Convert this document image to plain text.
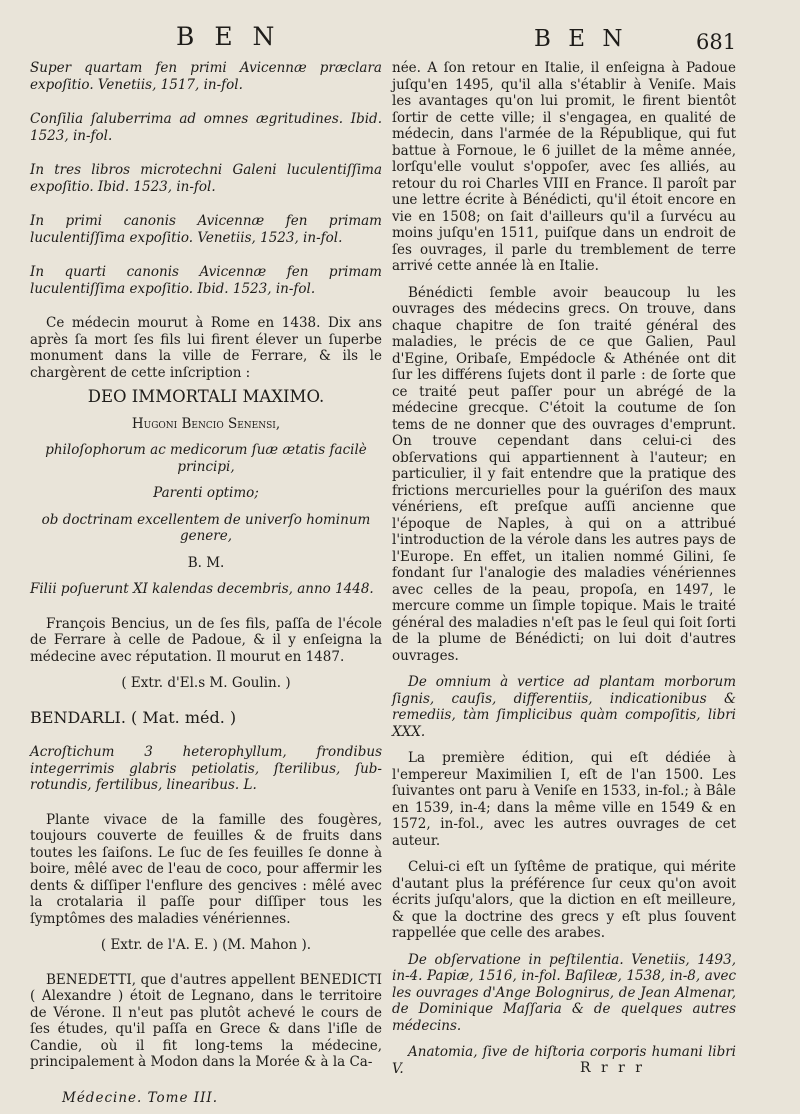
B E N	B E N	681

Super quartam fen primi Avicennæ præclara expoſitio. Venetiis, 1517, in-fol.

Conſilia ſaluberrima ad omnes ægritudines. Ibid. 1523, in-fol.

In tres libros microtechni Galeni luculentiſſima expoſitio. Ibid. 1523, in-fol.

In primi canonis Avicennæ fen primam luculentiſſima expoſitio. Venetiis, 1523, in-fol.

In quarti canonis Avicennæ fen primam luculentiſſima expoſitio. Ibid. 1523, in-fol.

Ce médecin mourut à Rome en 1438. Dix ans après ſa mort ſes fils lui firent élever un ſuperbe monument dans la ville de Ferrare, & ils le chargèrent de cette inſcription :

DEO IMMORTALI MAXIMO.

Hugoni Bencio Senensi,

philoſophorum ac medicorum ſuæ ætatis facilè principi,

Parenti optimo;

ob doctrinam excellentem de univerſo hominum genere,

B. M.

Filii poſuerunt XI kalendas decembris, anno 1448.

François Bencius, un de ſes fils, paſſa de l'école de Ferrare à celle de Padoue, & il y enſeigna la médecine avec réputation. Il mourut en 1487.

( Extr. d'El.s M. Goulin. )

BENDARLI. ( Mat. méd. )

Acroſtichum 3 heterophyllum, frondibus integerrimis glabris petiolatis, ſterilibus, ſub-rotundis, fertilibus, linearibus. L.

Plante vivace de la famille des fougères, toujours couverte de feuilles & de fruits dans toutes les ſaiſons. Le ſuc de ſes feuilles ſe donne à boire, mêlé avec de l'eau de coco, pour affermir les dents & diſſiper l'enflure des gencives : mêlé avec la crotalaria il paſſe pour diſſiper tous les ſymptômes des maladies vénériennes.

( Extr. de l'A. E. ) (M. Mahon ).

BENEDETTI, que d'autres appellent BENEDICTI ( Alexandre ) étoit de Legnano, dans le territoire de Vérone. Il n'eut pas plutôt achevé le cours de ſes études, qu'il paſſa en Grece & dans l'iſle de Candie, où il fit long-tems la médecine, principalement à Modon dans la Morée & à la Ca-

née. A ſon retour en Italie, il enſeigna à Padoue juſqu'en 1495, qu'il alla s'établir à Veniſe. Mais les avantages qu'on lui promit, le firent bientôt ſortir de cette ville; il s'engagea, en qualité de médecin, dans l'armée de la République, qui fut battue à Fornoue, le 6 juillet de la même année, lorſqu'elle voulut s'oppoſer, avec ſes alliés, au retour du roi Charles VIII en France. Il paroît par une lettre écrite à Bénédicti, qu'il étoit encore en vie en 1508; on ſait d'ailleurs qu'il a ſurvécu au moins juſqu'en 1511, puiſque dans un endroit de ſes ouvrages, il parle du tremblement de terre arrivé cette année là en Italie.

Bénédicti ſemble avoir beaucoup lu les ouvrages des médecins grecs. On trouve, dans chaque chapitre de ſon traité général des maladies, le précis de ce que Galien, Paul d'Egine, Oribaſe, Empédocle & Athénée ont dit ſur les différens ſujets dont il parle : de ſorte que ce traité peut paſſer pour un abrégé de la médecine grecque. C'étoit la coutume de ſon tems de ne donner que des ouvrages d'emprunt. On trouve cependant dans celui-ci des obſervations qui appartiennent à l'auteur; en particulier, il y fait entendre que la pratique des frictions mercurielles pour la guériſon des maux vénériens, eſt preſque auſſi ancienne que l'époque de Naples, à qui on a attribué l'introduction de la vérole dans les autres pays de l'Europe. En effet, un italien nommé Gilini, ſe fondant ſur l'analogie des maladies vénériennes avec celles de la peau, propoſa, en 1497, le mercure comme un ſimple topique. Mais le traité général des maladies n'eſt pas le ſeul qui ſoit ſorti de la plume de Bénédicti; on lui doit d'autres ouvrages.

De omnium à vertice ad plantam morborum ſignis, cauſis, differentiis, indicationibus & remediis, tàm ſimplicibus quàm compoſitis, libri XXX.

La première édition, qui eſt dédiée à l'empereur Maximilien I, eſt de l'an 1500. Les ſuivantes ont paru à Veniſe en 1533, in-fol.; à Bâle en 1539, in-4; dans la même ville en 1549 & en 1572, in-fol., avec les autres ouvrages de cet auteur.

Celui-ci eſt un ſyſtême de pratique, qui mérite d'autant plus la préférence ſur ceux qu'on avoit écrits juſqu'alors, que la diction en eſt meilleure, & que la doctrine des grecs y eſt plus ſouvent rappellée que celle des arabes.

De obſervatione in peſtilentia. Venetiis, 1493, in-4. Papiæ, 1516, in-fol. Baſileæ, 1538, in-8, avec les ouvrages d'Ange Bolognirus, de Jean Almenar, de Dominique Maſſaria & de quelques autres médecins.

Anatomia, ſive de hiſtoria corporis humani libri V.

Médecine. Tome III.
R r r r
